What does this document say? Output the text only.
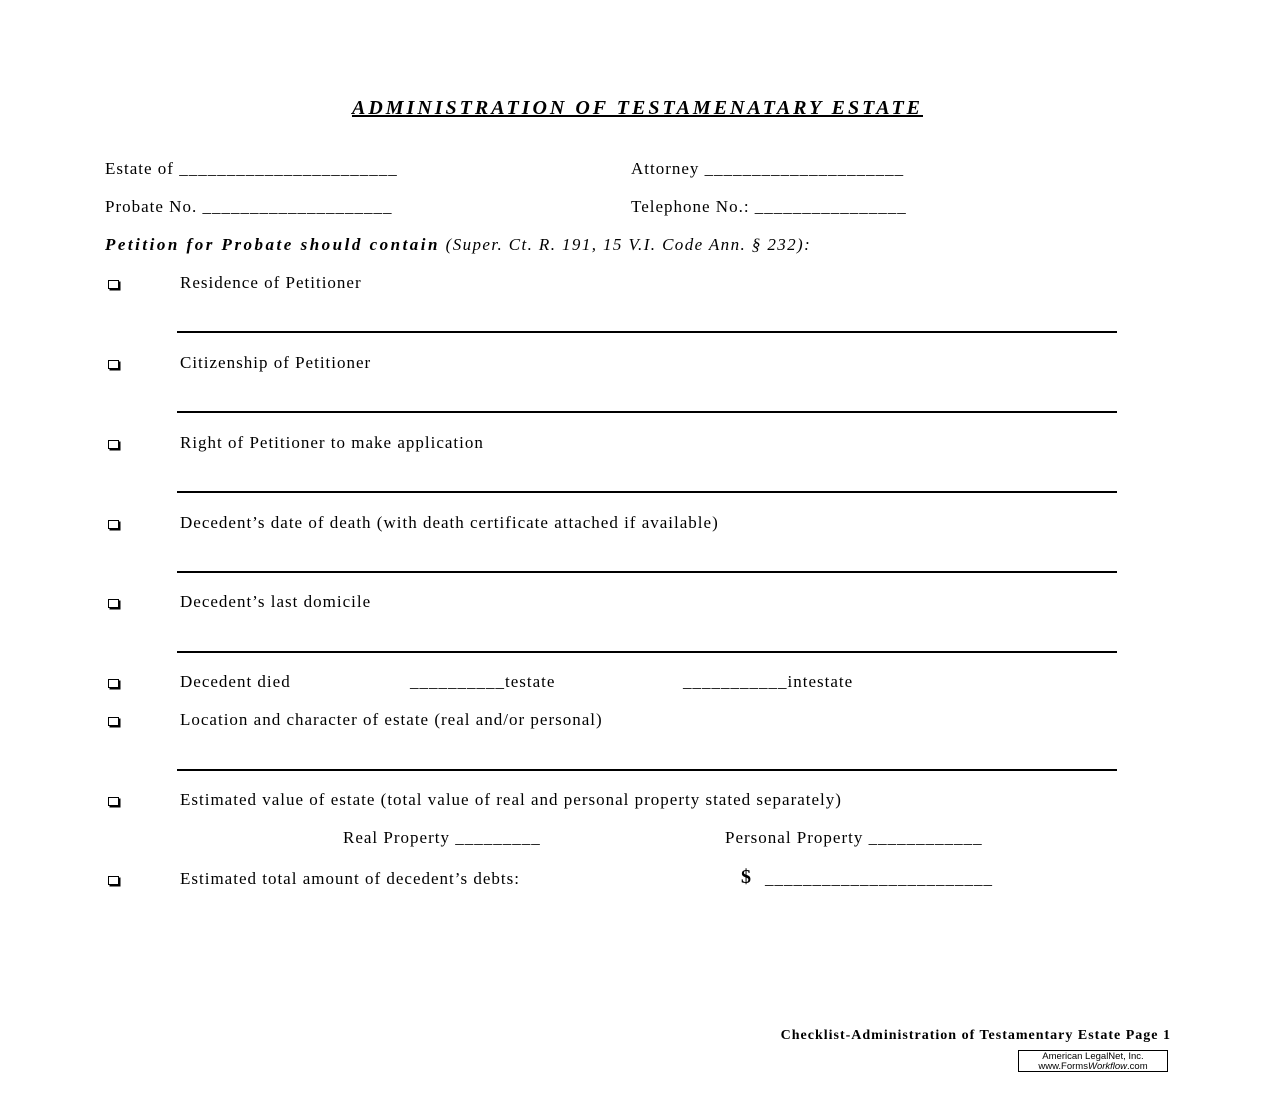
ADMINISTRATION OF TESTAMENATARY ESTATE
Estate of _______________________	Attorney _____________________
Probate No. ____________________	Telephone No.: ________________
Petition for Probate should contain (Super. Ct. R. 191, 15 V.I. Code Ann. § 232):
Residence of Petitioner
Citizenship of Petitioner
Right of Petitioner to make application
Decedent’s date of death (with death certificate attached if available)
Decedent’s last domicile
Decedent died	__________testate	___________intestate
Location and character of estate (real and/or personal)
Estimated value of estate (total value of real and personal property stated separately)
Real Property _________	Personal Property ____________
Estimated total amount of decedent’s debts:	$ ________________________
Checklist-Administration of Testamentary Estate Page 1
American LegalNet, Inc.
www.FormsWorkflow.com
